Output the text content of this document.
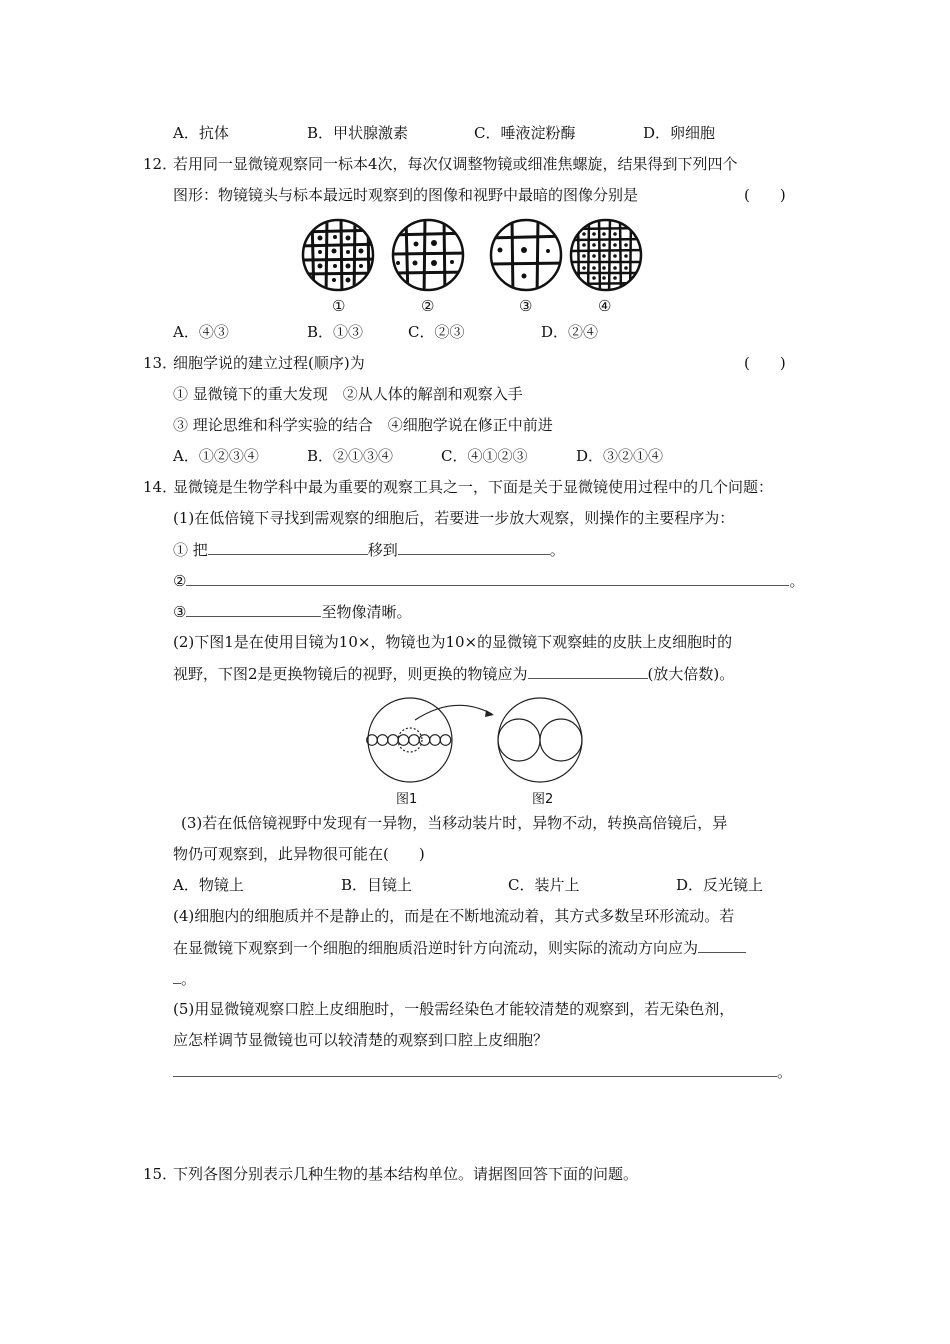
A．抗体	B．甲状腺激素	C．唾液淀粉酶	D．卵细胞
12．
若用同一显微镜观察同一标本4次，每次仅调整物镜或细准焦螺旋，结果得到下列四个
图形：物镜镜头与标本最远时观察到的图像和视野中最暗的图像分别是	(　　)
①	②	③	④
A．④③	B．①③	C．②③	D．②④
13．
细胞学说的建立过程(顺序)为	(　　)
① 显微镜下的重大发现　②从人体的解剖和观察入手
③ 理论思维和科学实验的结合　④细胞学说在修正中前进
A．①②③④	B．②①③④	C．④①②③	D．③②①④
14．
显微镜是生物学科中最为重要的观察工具之一，下面是关于显微镜使用过程中的几个问题：
(1)在低倍镜下寻找到需观察的细胞后，若要进一步放大观察，则操作的主要程序为：
① 把	移到	。
②	。
③	至物像清晰。
(2)下图1是在使用目镜为10×，物镜也为10×的显微镜下观察蛙的皮肤上皮细胞时的
视野，下图2是更换物镜后的视野，则更换的物镜应为	(放大倍数)。
图1	图2
(3)若在低倍镜视野中发现有一异物，当移动装片时，异物不动，转换高倍镜后，异
物仍可观察到，此异物很可能在(　　)
A．物镜上	B．目镜上	C．装片上	D．反光镜上
(4)细胞内的细胞质并不是静止的，而是在不断地流动着，其方式多数呈环形流动。若
在显微镜下观察到一个细胞的细胞质沿逆时针方向流动，则实际的流动方向应为
。
(5)用显微镜观察口腔上皮细胞时，一般需经染色才能较清楚的观察到，若无染色剂，
应怎样调节显微镜也可以较清楚的观察到口腔上皮细胞？
。
15．
下列各图分别表示几种生物的基本结构单位。请据图回答下面的问题。
